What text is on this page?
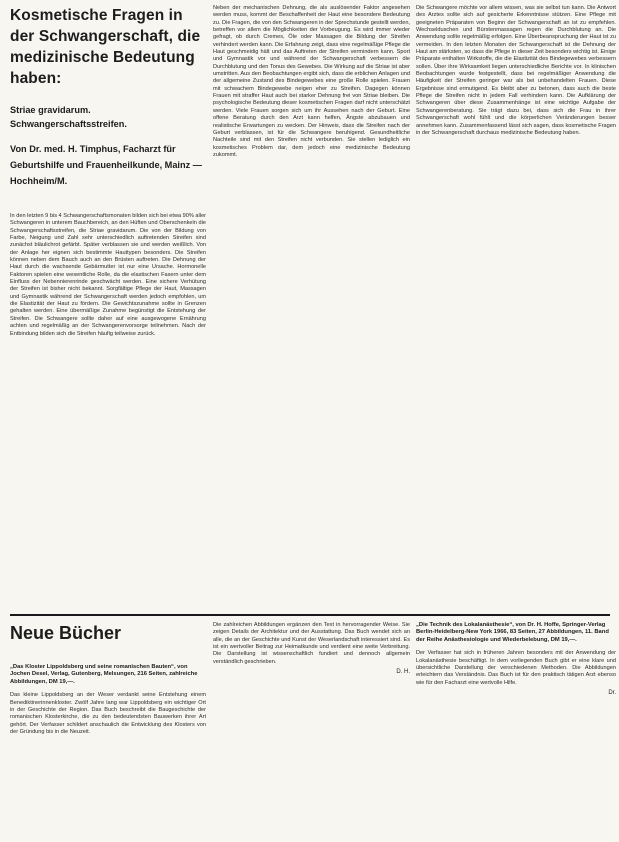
Kosmetische Fragen in der Schwangerschaft, die medizinische Bedeutung haben:
Striae gravidarum.
Schwangerschaftsstreifen.
Von Dr. med. H. Timphus, Facharzt für Geburtshilfe und Frauenheilkunde, Mainz — Hochheim/M.

In den letzten 9 bis 4 Schwangerschaftsmonaten bilden sich bei etwa 90% aller Schwangeren in unterem Bauchbereich, an den Hüften und Oberschenkeln die Schwangerschaftsstreifen, die Striae gravidarum. Die von der Bildung von Farbe, Neigung und Zahl sehr unterschiedlich auftretenden Streifen sind zunächst bläulichrot gefärbt. Später verblassen sie und werden weißlich. Von der Anlage her eignen sich bestimmte Hauttypen besonders. Die Streifen können neben dem Bauch auch an den Brüsten auftreten. Die Dehnung der Haut durch die wachsende Gebärmutter ist nur eine Ursache. Hormonelle Faktoren spielen eine wesentliche Rolle, da die elastischen Fasern unter dem Einfluss der Nebennierenrinde geschwächt werden. Eine sichere Verhütung der Streifen ist bisher nicht bekannt. Sorgfältige Pflege der Haut, Massagen und Gymnastik während der Schwangerschaft werden jedoch empfohlen, um die Elastizität der Haut zu fördern. Die Gewichtszunahme sollte in Grenzen gehalten werden. Eine übermäßige Zunahme begünstigt die Entstehung der Streifen. Die Schwangere sollte daher auf eine ausgewogene Ernährung achten und regelmäßig an der Schwangerenvorsorge teilnehmen. Nach der Entbindung bilden sich die Streifen häufig teilweise zurück.

Neben der mechanischen Dehnung, die als auslösender Faktor angesehen werden muss, kommt der Beschaffenheit der Haut eine besondere Bedeutung zu. Die Fragen, die von den Schwangeren in der Sprechstunde gestellt werden, betreffen vor allem die Möglichkeiten der Vorbeugung. Es wird immer wieder gefragt, ob durch Cremes, Öle oder Massagen die Bildung der Streifen verhindert werden kann. Die Erfahrung zeigt, dass eine regelmäßige Pflege die Haut geschmeidig hält und das Auftreten der Streifen vermindern kann. Sport und Gymnastik vor und während der Schwangerschaft verbessern die Durchblutung und den Tonus des Gewebes. Die Wirkung auf die Striae ist aber umstritten. Aus den Beobachtungen ergibt sich, dass die erblichen Anlagen und der allgemeine Zustand des Bindegewebes eine große Rolle spielen. Frauen mit schwachem Bindegewebe neigen eher zu Streifen. Dagegen können Frauen mit straffer Haut auch bei starker Dehnung frei von Striae bleiben. Die psychologische Bedeutung dieser kosmetischen Fragen darf nicht unterschätzt werden. Viele Frauen sorgen sich um ihr Aussehen nach der Geburt. Eine offene Beratung durch den Arzt kann helfen, Ängste abzubauen und realistische Erwartungen zu wecken. Der Hinweis, dass die Streifen nach der Geburt verblassen, ist für die Schwangere beruhigend. Gesundheitliche Nachteile sind mit den Streifen nicht verbunden. Sie stellen lediglich ein kosmetisches Problem dar, dem jedoch eine medizinische Bedeutung zukommt.

Die Schwangere möchte vor allem wissen, was sie selbst tun kann. Die Antwort des Arztes sollte sich auf gesicherte Erkenntnisse stützen. Eine Pflege mit geeigneten Präparaten von Beginn der Schwangerschaft an ist zu empfehlen. Wechselduschen und Bürstenmassagen regen die Durchblutung an. Die Anwendung sollte regelmäßig erfolgen. Eine Überbeanspruchung der Haut ist zu vermeiden. In den letzten Monaten der Schwangerschaft ist die Dehnung der Haut am stärksten, so dass die Pflege in dieser Zeit besonders wichtig ist. Einige Präparate enthalten Wirkstoffe, die die Elastizität des Bindegewebes verbessern sollen. Über ihre Wirksamkeit liegen unterschiedliche Berichte vor. In klinischen Beobachtungen wurde festgestellt, dass bei regelmäßiger Anwendung die Häufigkeit der Streifen geringer war als bei unbehandelten Frauen. Diese Ergebnisse sind ermutigend. Es bleibt aber zu betonen, dass auch die beste Pflege die Streifen nicht in jedem Fall verhindern kann. Die Aufklärung der Schwangeren über diese Zusammenhänge ist eine wichtige Aufgabe der Schwangerenberatung. Sie trägt dazu bei, dass sich die Frau in ihrer Schwangerschaft wohl fühlt und die körperlichen Veränderungen besser annehmen kann. Zusammenfassend lässt sich sagen, dass kosmetische Fragen in der Schwangerschaft durchaus medizinische Bedeutung haben.

Neue Bücher
„Das Kloster Lippoldsberg und seine romanischen Bauten“, von Jochen Desel, Verlag, Gutenberg, Melsungen, 216 Seiten, zahlreiche Abbildungen, DM 19,—.

Das kleine Lippoldsberg an der Weser verdankt seine Entstehung einem Benediktinerinnenkloster. Zwölf Jahre lang war Lippoldsberg ein wichtiger Ort in der Geschichte der Region. Das Buch beschreibt die Baugeschichte der romanischen Klosterkirche, die zu den bedeutendsten Bauwerken ihrer Art gehört. Der Verfasser schildert anschaulich die Entwicklung des Klosters von der Gründung bis in die Neuzeit.

Die zahlreichen Abbildungen ergänzen den Text in hervorragender Weise. Sie zeigen Details der Architektur und der Ausstattung. Das Buch wendet sich an alle, die an der Geschichte und Kunst der Weserlandschaft interessiert sind. Es ist ein wertvoller Beitrag zur Heimatkunde und verdient eine weite Verbreitung. Die Darstellung ist wissenschaftlich fundiert und dennoch allgemein verständlich geschrieben.

D. H.
„Die Technik des Lokalanästhesie“, von Dr. H. Hoffe, Springer-Verlag Berlin-Heidelberg-New York 1966, 83 Seiten, 27 Abbildungen, 11. Band der Reihe Anästhesiologie und Wiederbelebung, DM 19,—.

Der Verfasser hat sich in früheren Jahren besonders mit der Anwendung der Lokalanästhesie beschäftigt. In dem vorliegenden Buch gibt er eine klare und übersichtliche Darstellung der verschiedenen Methoden. Die Abbildungen erleichtern das Verständnis. Das Buch ist für den praktisch tätigen Arzt ebenso wie für den Facharzt eine wertvolle Hilfe.

Dr.
